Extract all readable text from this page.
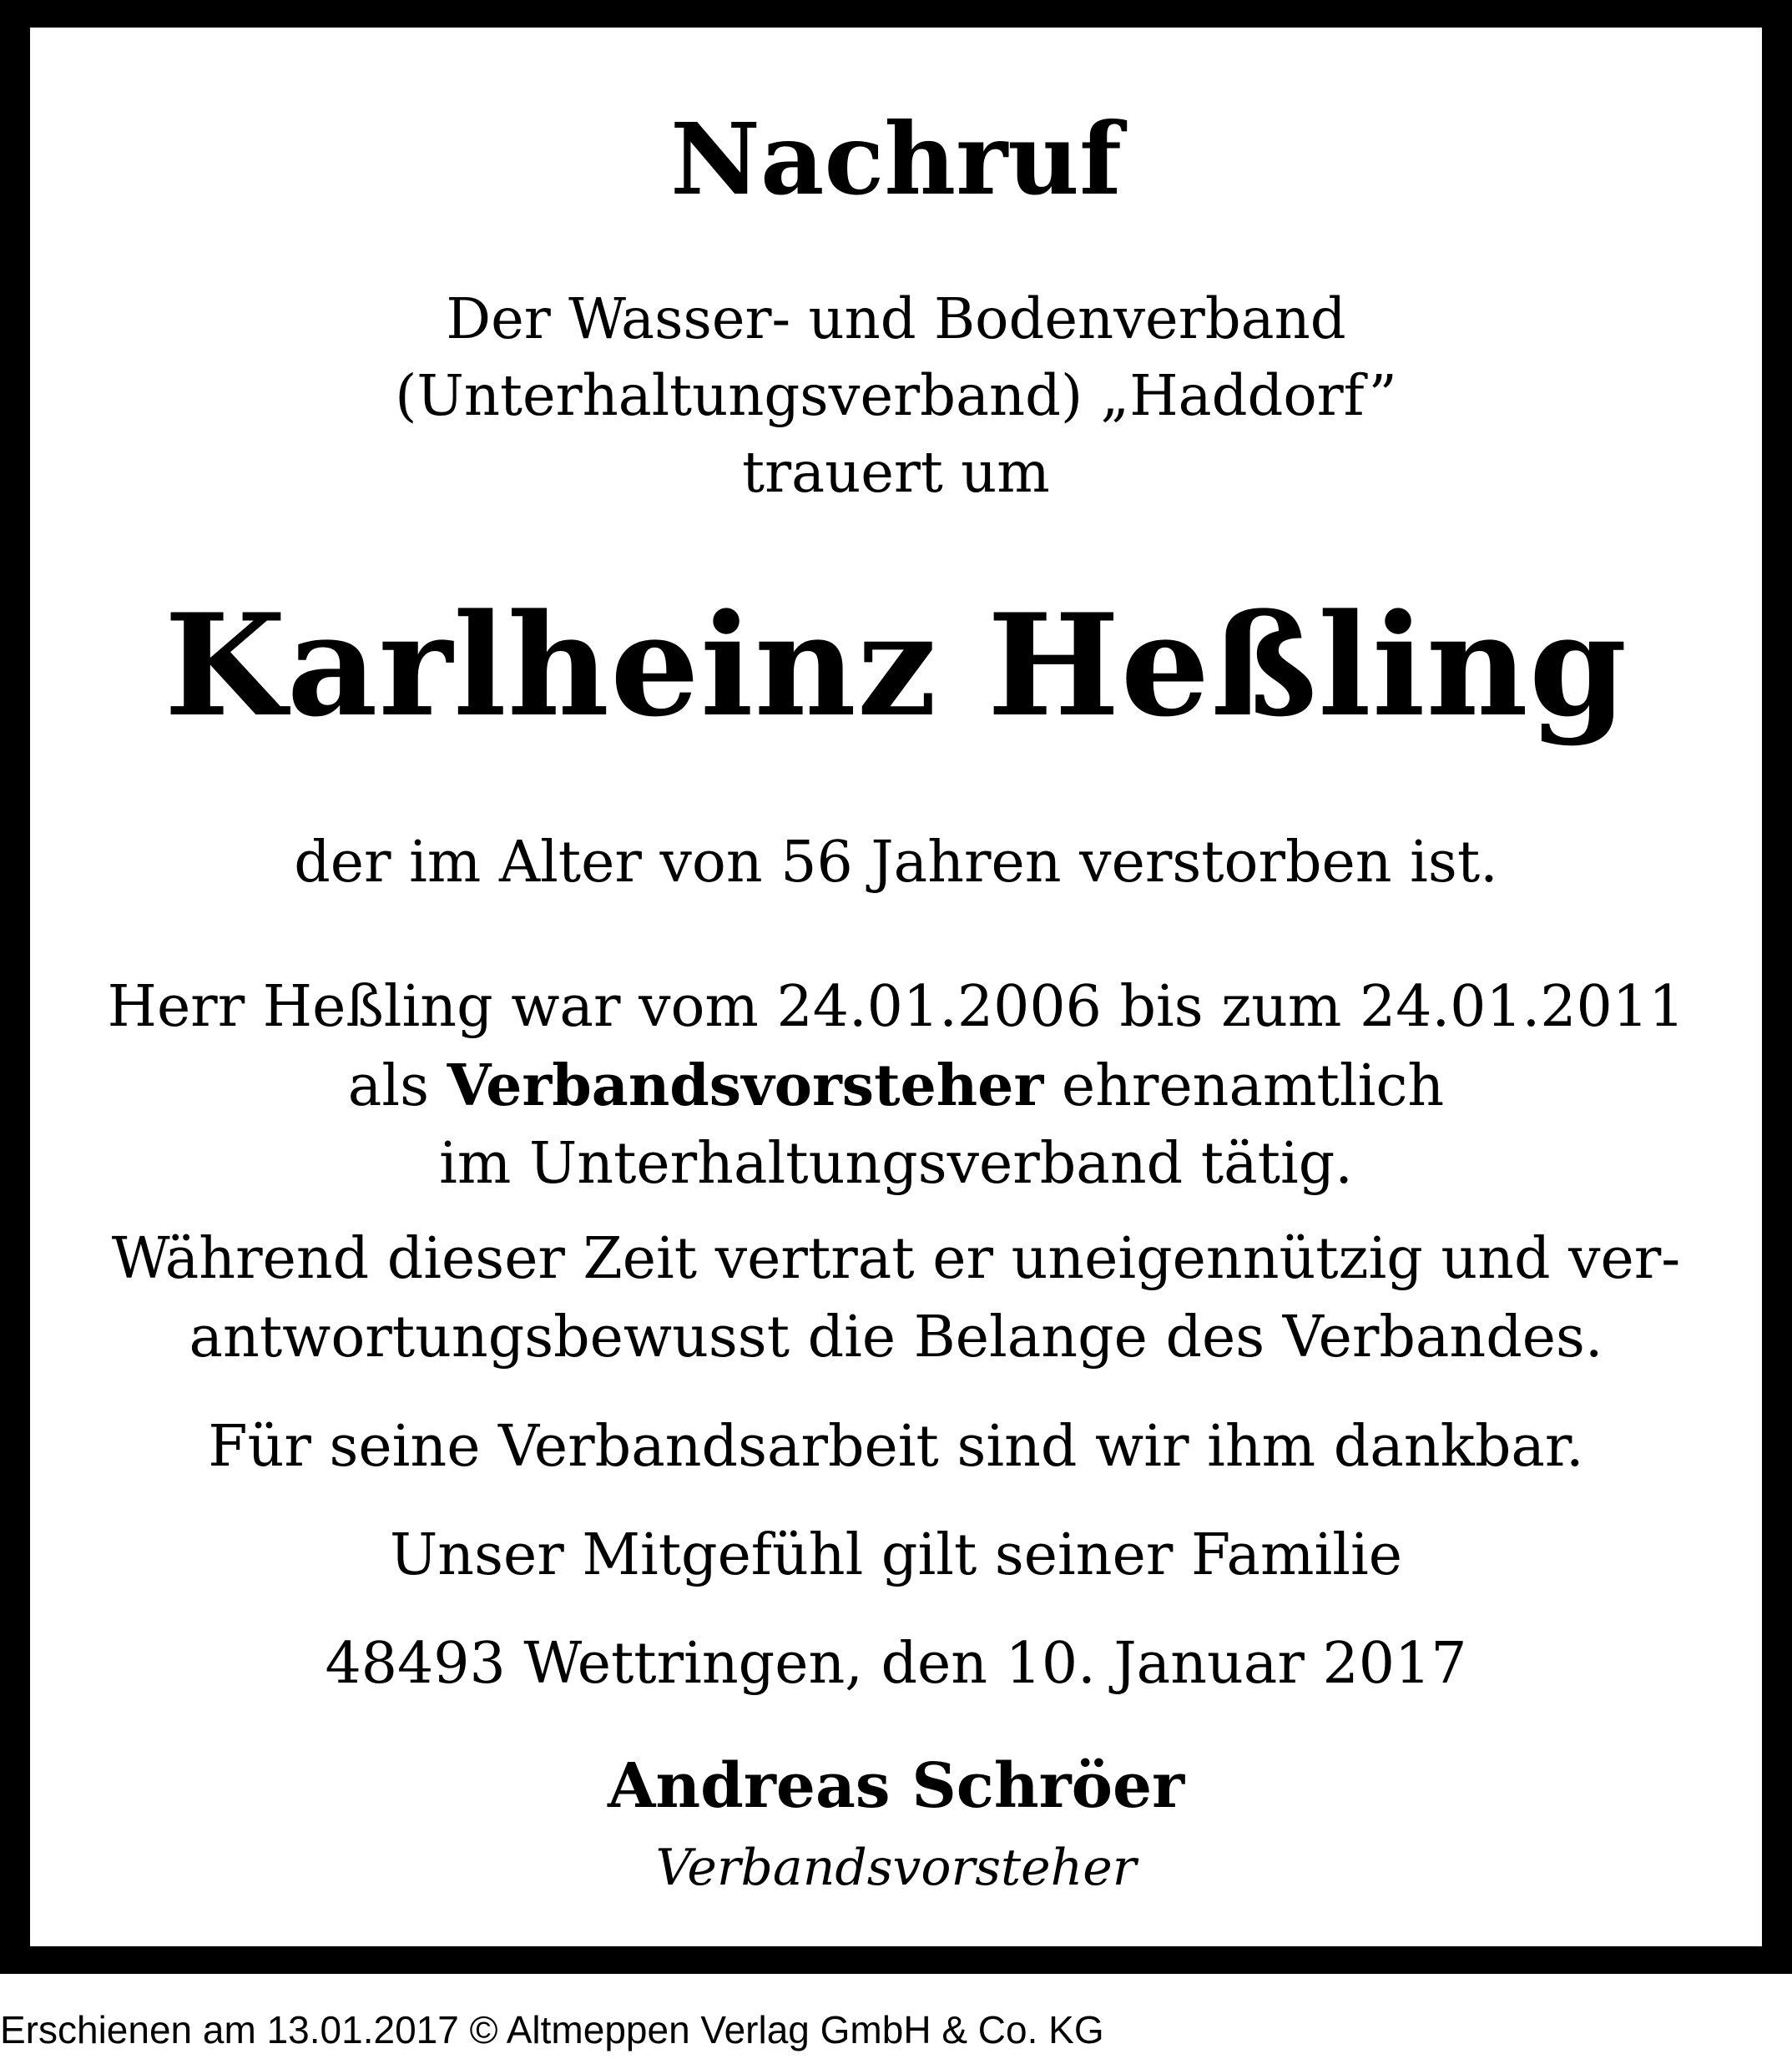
Nachruf
Der Wasser- und Bodenverband
(Unterhaltungsverband) „Haddorf”
trauert um
Karlheinz Heßling
der im Alter von 56 Jahren verstorben ist.
Herr Heßling war vom 24.01.2006 bis zum 24.01.2011
als Verbandsvorsteher ehrenamtlich
im Unterhaltungsverband tätig.
Während dieser Zeit vertrat er uneigennützig und ver-
antwortungsbewusst die Belange des Verbandes.
Für seine Verbandsarbeit sind wir ihm dankbar.
Unser Mitgefühl gilt seiner Familie
48493 Wettringen, den 10. Januar 2017
Andreas Schröer
Verbandsvorsteher
Erschienen am 13.01.2017 © Altmeppen Verlag GmbH & Co. KG
